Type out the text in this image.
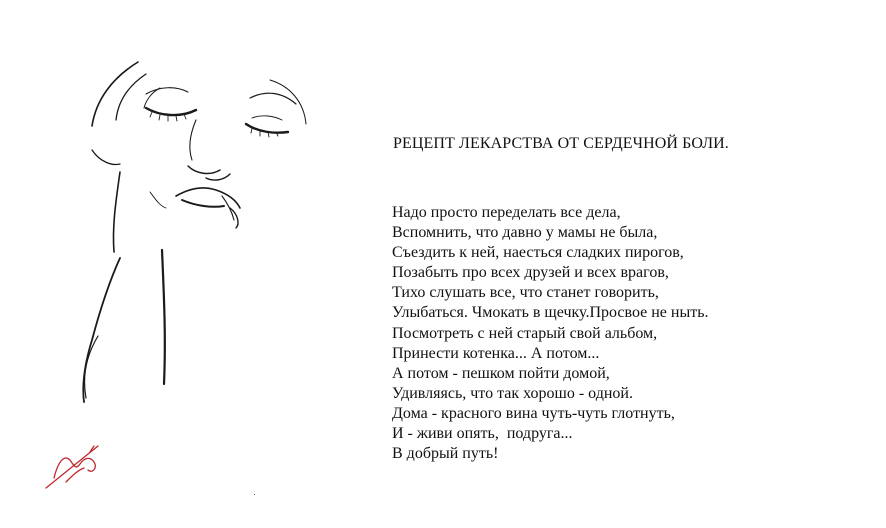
РЕЦЕПТ ЛЕКАРСТВА ОТ СЕРДЕЧНОЙ БОЛИ.
Надо просто переделать все дела,
Вспомнить, что давно у мамы не была,
Съездить к ней, наесться сладких пирогов,
Позабыть про всех друзей и всех врагов,
Тихо слушать все, что станет говорить,
Улыбаться. Чмокать в щечку.Просвое не ныть.
Посмотреть с ней старый свой альбом,
Принести котенка... А потом...
А потом - пешком пойти домой,
Удивляясь, что так хорошо - одной.
Дома - красного вина чуть-чуть глотнуть,
И - живи опять,  подруга...
В добрый путь!
